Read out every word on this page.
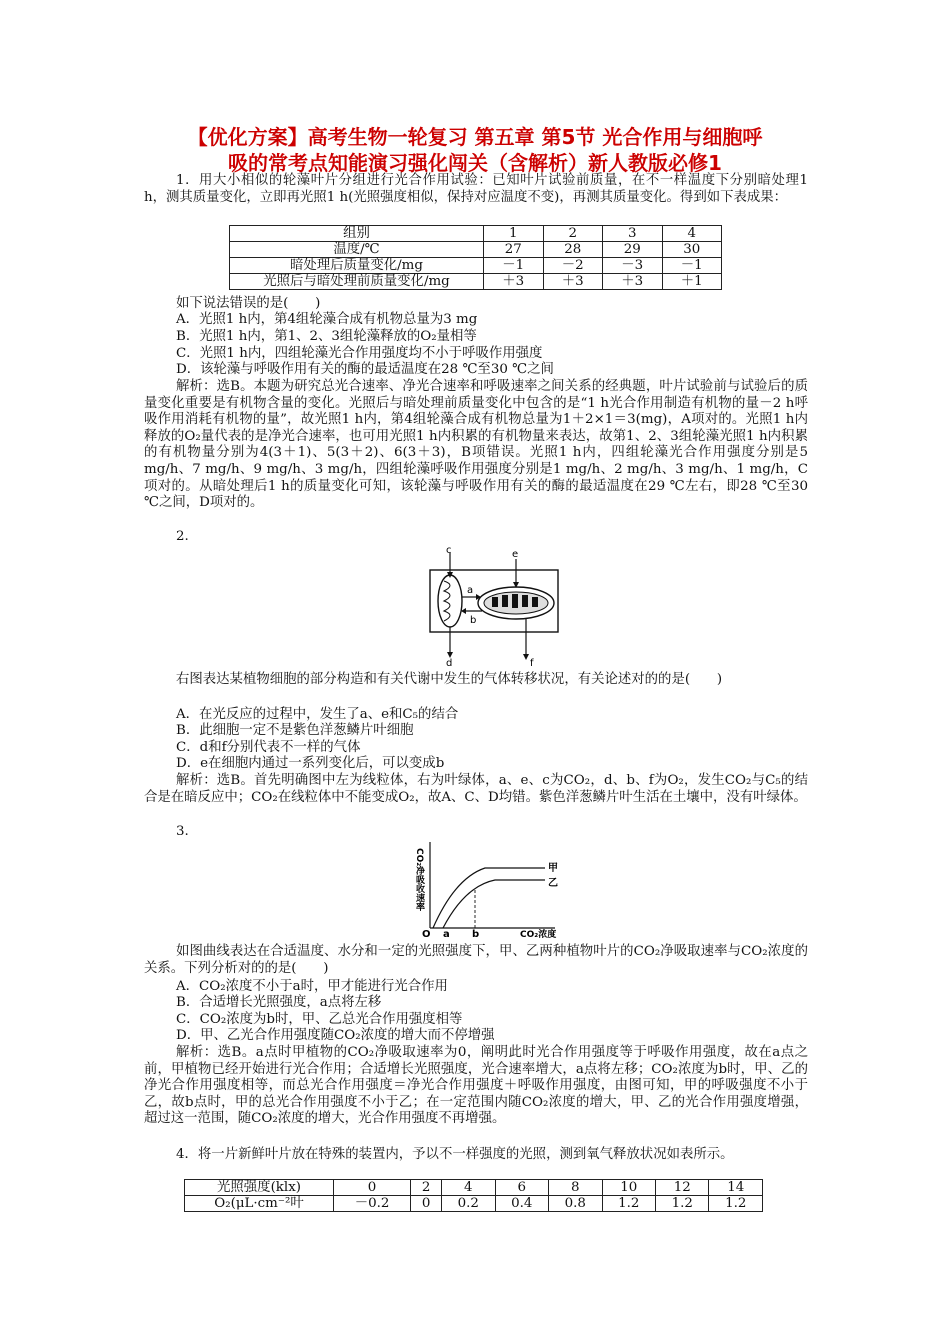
【优化方案】高考生物一轮复习 第五章 第5节 光合作用与细胞呼
吸的常考点知能演习强化闯关（含解析）新人教版必修1

1．用大小相似的轮藻叶片分组进行光合作用试验：已知叶片试验前质量，在不一样温度下分别暗处理1 h，测其质量变化，立即再光照1 h(光照强度相似，保持对应温度不变)，再测其质量变化。得到如下表成果：

组别	1	2	3	4
温度/℃	27	28	29	30
暗处理后质量变化/mg	－1	－2	－3	－1
光照后与暗处理前质量变化/mg	＋3	＋3	＋3	＋1
如下说法错误的是(　　)
A．光照1 h内，第4组轮藻合成有机物总量为3 mg
B．光照1 h内，第1、2、3组轮藻释放的O₂量相等
C．光照1 h内，四组轮藻光合作用强度均不小于呼吸作用强度
D．该轮藻与呼吸作用有关的酶的最适温度在28 ℃至30 ℃之间

解析：选B。本题为研究总光合速率、净光合速率和呼吸速率之间关系的经典题，叶片试验前与试验后的质量变化重要是有机物含量的变化。光照后与暗处理前质量变化中包含的是“1 h光合作用制造有机物的量－2 h呼吸作用消耗有机物的量”，故光照1 h内，第4组轮藻合成有机物总量为1＋2×1＝3(mg)，A项对的。光照1 h内释放的O₂量代表的是净光合速率，也可用光照1 h内积累的有机物量来表达，故第1、2、3组轮藻光照1 h内积累的有机物量分别为4(3＋1)、5(3＋2)、6(3＋3)，B项错误。光照1 h内，四组轮藻光合作用强度分别是5 mg/h、7 mg/h、9 mg/h、3 mg/h，四组轮藻呼吸作用强度分别是1 mg/h、2 mg/h、3 mg/h、1 mg/h，C项对的。从暗处理后1 h的质量变化可知，该轮藻与呼吸作用有关的酶的最适温度在29 ℃左右，即28 ℃至30 ℃之间，D项对的。

2.
c	e
a
b
d	f

右图表达某植物细胞的部分构造和有关代谢中发生的气体转移状况，有关论述对的的是(　　)

A．在光反应的过程中，发生了a、e和C₅的结合
B．此细胞一定不是紫色洋葱鳞片叶细胞
C．d和f分别代表不一样的气体
D．e在细胞内通过一系列变化后，可以变成b

解析：选B。首先明确图中左为线粒体，右为叶绿体，a、e、c为CO₂，d、b、f为O₂，发生CO₂与C₅的结合是在暗反应中；CO₂在线粒体中不能变成O₂，故A、C、D均错。紫色洋葱鳞片叶生活在土壤中，没有叶绿体。

3.
CO₂净吸收速率
CO₂浓度
O a b
甲
乙

如图曲线表达在合适温度、水分和一定的光照强度下，甲、乙两种植物叶片的CO₂净吸取速率与CO₂浓度的关系。下列分析对的的是(　　)

A．CO₂浓度不小于a时，甲才能进行光合作用
B．合适增长光照强度，a点将左移
C．CO₂浓度为b时，甲、乙总光合作用强度相等
D．甲、乙光合作用强度随CO₂浓度的增大而不停增强

解析：选B。a点时甲植物的CO₂净吸取速率为0，阐明此时光合作用强度等于呼吸作用强度，故在a点之前，甲植物已经开始进行光合作用；合适增长光照强度，光合速率增大，a点将左移；CO₂浓度为b时，甲、乙的净光合作用强度相等，而总光合作用强度＝净光合作用强度＋呼吸作用强度，由图可知，甲的呼吸强度不小于乙，故b点时，甲的总光合作用强度不小于乙；在一定范围内随CO₂浓度的增大，甲、乙的光合作用强度增强，超过这一范围，随CO₂浓度的增大，光合作用强度不再增强。

4．将一片新鲜叶片放在特殊的装置内，予以不一样强度的光照，测到氧气释放状况如表所示。

光照强度(klx)	0	2	4	6	8	10	12	14
O₂(μL·cm⁻²叶	－0.2	0	0.2	0.4	0.8	1.2	1.2	1.2
